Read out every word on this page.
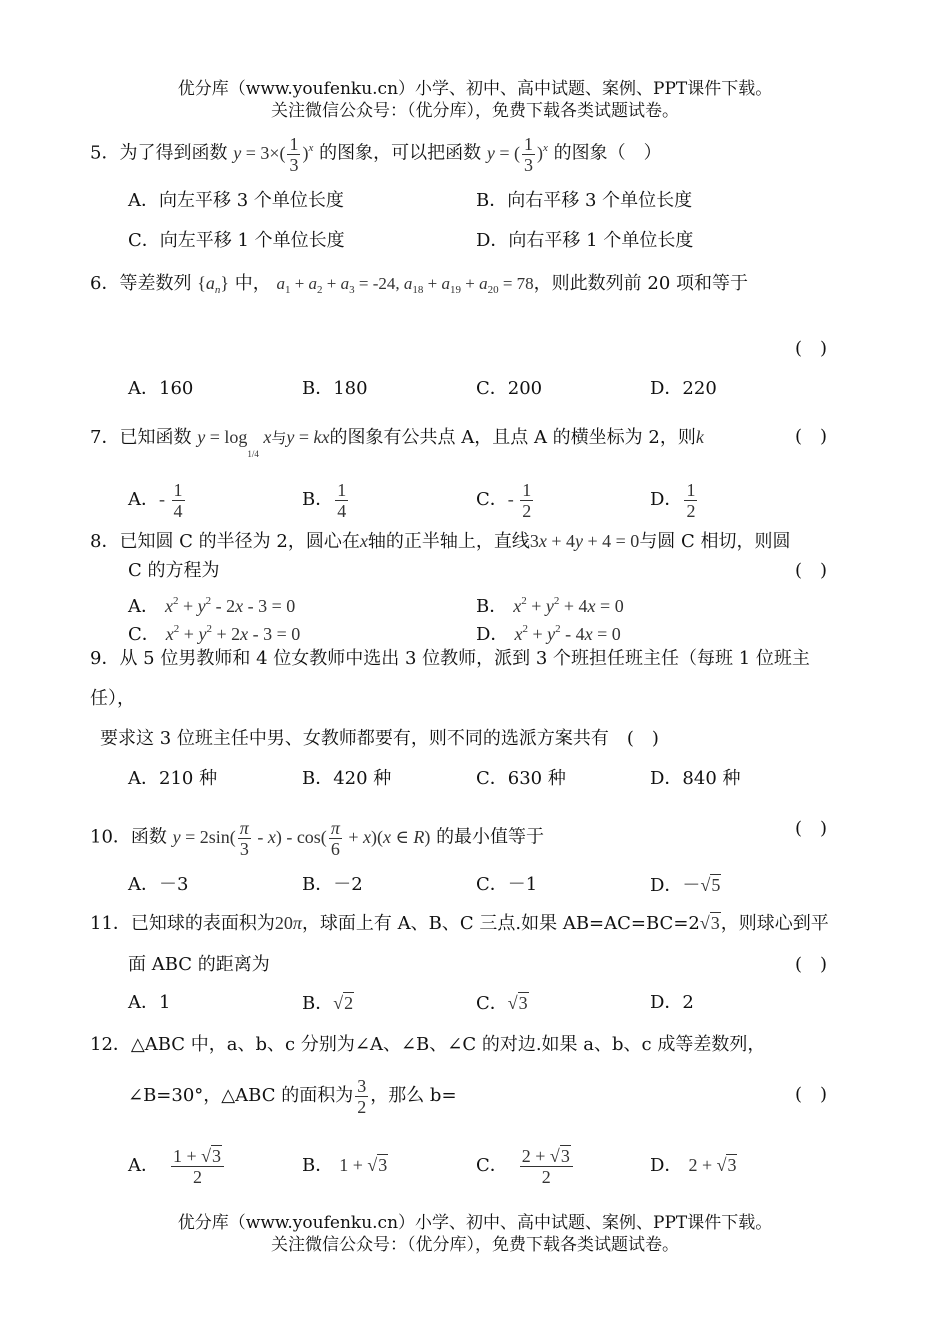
优分库（www.youfenku.cn）小学、初中、高中试题、案例、PPT课件下载。
关注微信公众号：（优分库），免费下载各类试题试卷。
5．为了得到函数 $y = 3\times( \frac{1}{3} )^x$ 的图象，可以把函数 y = ( $\frac{1}{3} )^x$ 的图象（　）
A．向左平移 3 个单位长度	B．向右平移 3 个单位长度
C．向左平移 1 个单位长度	D．向右平移 1 个单位长度
6．等差数列 $\{a_n\}$ 中， $a_1 + a_2 + a_3 = -24$, $a_{18} + a_{19} + a_{20} = 78$，则此数列前 20 项和等于
(　)
A．160	B．180	C．200	D．220
7．已知函数 $y = \log_{1/4} x$与y = kx的图象有公共点 A，且点 A 的横坐标为 2，则k	(　)
A．- $\frac{1}{4}$	B． $\frac{1}{4}$	C．- $\frac{1}{2}$	D． $\frac{1}{2}$
8．已知圆 C 的半径为 2，圆心在x轴的正半轴上，直线3x + 4y + 4 = 0与圆 C 相切，则圆
C 的方程为	(　)
A． $x^2 + y^2 - 2x - 3 = 0$	B． $x^2 + y^2 + 4x = 0$
C． $x^2 + y^2 + 2x - 3 = 0$	D． $x^2 + y^2 - 4x = 0$
9．从 5 位男教师和 4 位女教师中选出 3 位教师，派到 3 个班担任班主任（每班 1 位班主
任），
要求这 3 位班主任中男、女教师都要有，则不同的选派方案共有　(　)
A．210 种	B．420 种	C．630 种	D．840 种
10．函数 $y = 2\sin( \frac{\pi}{3} - x) - \cos( \frac{\pi}{6} + x)(x$ ∈ R) 的最小值等于	(　)
A．－3	B．－2	C．－1	D．－√5
11．已知球的表面积为20π，球面上有 A、B、C 三点.如果 AB=AC=BC=2√3，则球心到平
面 ABC 的距离为	(　)
A．1	B．√2	C．√3	D．2
12．△ABC 中，a、b、c 分别为∠A、∠B、∠C 的对边.如果 a、b、c 成等差数列，
∠B=30°，△ABC 的面积为 $\frac{3}{2}$ ，那么 b=	(　)
A． $\frac{1 + √3}{2}$	B． 1 + √3	C． $\frac{2 + √3}{2}$	D． 2 + √3
优分库（www.youfenku.cn）小学、初中、高中试题、案例、PPT课件下载。
关注微信公众号：（优分库），免费下载各类试题试卷。
